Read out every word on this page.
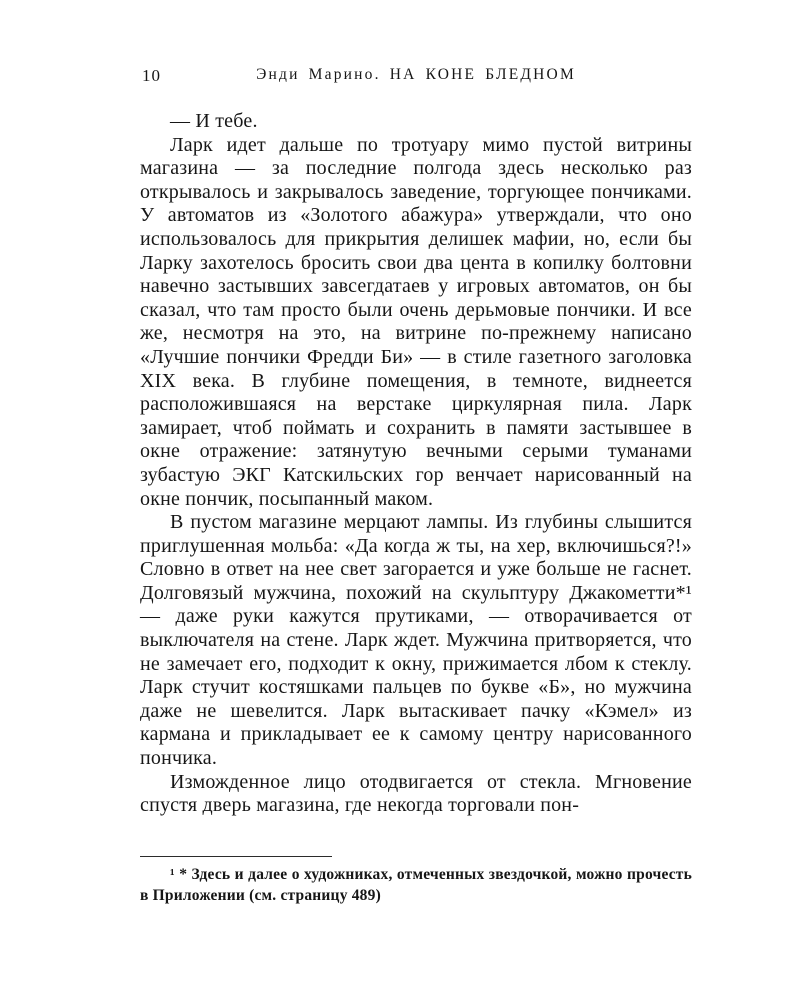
10	Энди Марино. НА КОНЕ БЛЕДНОМ

— И тебе.

Ларк идет дальше по тротуару мимо пустой витрины магазина — за последние полгода здесь несколько раз открывалось и закрывалось заведение, торгующее пончиками. У автоматов из «Золотого абажура» утверждали, что оно использовалось для прикрытия делишек мафии, но, если бы Ларку захотелось бросить свои два цента в копилку болтовни навечно застывших завсегдатаев у игровых автоматов, он бы сказал, что там просто были очень дерьмовые пончики. И все же, несмотря на это, на витрине по-прежнему написано «Лучшие пончики Фредди Би» — в стиле газетного заголовка XIX века. В глубине помещения, в темноте, виднеется расположившаяся на верстаке циркулярная пила. Ларк замирает, чтоб поймать и сохранить в памяти застывшее в окне отражение: затянутую вечными серыми туманами зубастую ЭКГ Катскильских гор венчает нарисованный на окне пончик, посыпанный маком.

В пустом магазине мерцают лампы. Из глубины слышится приглушенная мольба: «Да когда ж ты, на хер, включишься?!» Словно в ответ на нее свет загорается и уже больше не гаснет. Долговязый мужчина, похожий на скульптуру Джакометти*¹ — даже руки кажутся прутиками, — отворачивается от выключателя на стене. Ларк ждет. Мужчина притворяется, что не замечает его, подходит к окну, прижимается лбом к стеклу. Ларк стучит костяшками пальцев по букве «Б», но мужчина даже не шевелится. Ларк вытаскивает пачку «Кэмел» из кармана и прикладывает ее к самому центру нарисованного пончика.

Изможденное лицо отодвигается от стекла. Мгновение спустя дверь магазина, где некогда торговали пон-

¹ * Здесь и далее о художниках, отмеченных звездочкой, можно прочесть в Приложении (см. страницу 489)
